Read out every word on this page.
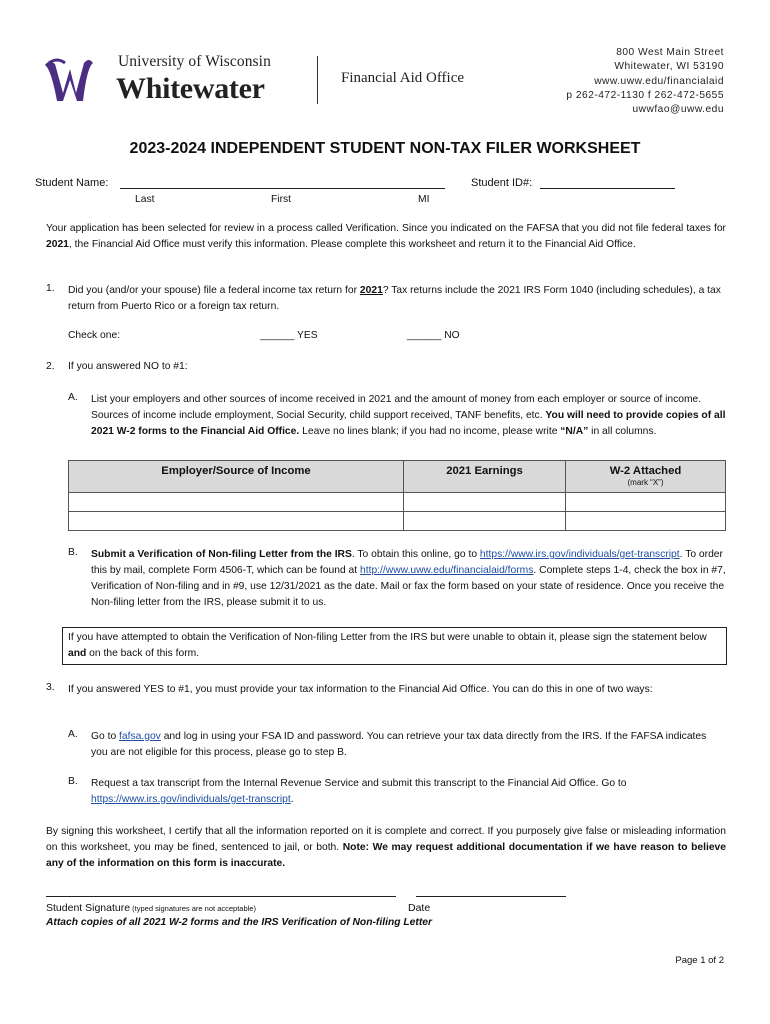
University of Wisconsin
Whitewater	Financial Aid Office
800 West Main Street
Whitewater, WI 53190
www.uww.edu/financialaid
p 262-472-1130 f 262-472-5655
uwwfao@uww.edu
2023-2024 INDEPENDENT STUDENT NON-TAX FILER WORKSHEET
Student Name:	Student ID#:
Last	First	MI
Your application has been selected for review in a process called Verification. Since you indicated on the FAFSA that you did not file federal taxes for 2021, the Financial Aid Office must verify this information. Please complete this worksheet and return it to the Financial Aid Office.
1. Did you (and/or your spouse) file a federal income tax return for 2021? Tax returns include the 2021 IRS Form 1040 (including schedules), a tax return from Puerto Rico or a foreign tax return.
Check one:	______ YES	______ NO
2. If you answered NO to #1:
A. List your employers and other sources of income received in 2021 and the amount of money from each employer or source of income. Sources of income include employment, Social Security, child support received, TANF benefits, etc. You will need to provide copies of all 2021 W-2 forms to the Financial Aid Office. Leave no lines blank; if you had no income, please write “N/A” in all columns.
Employer/Source of Income	2021 Earnings	W-2 Attached
(mark “X”)

B. Submit a Verification of Non-filing Letter from the IRS. To obtain this online, go to https://www.irs.gov/individuals/get-transcript. To order this by mail, complete Form 4506-T, which can be found at http://www.uww.edu/financialaid/forms. Complete steps 1-4, check the box in #7, Verification of Non-filing and in #9, use 12/31/2021 as the date. Mail or fax the form based on your state of residence. Once you receive the Non-filing letter from the IRS, please submit it to us.
If you have attempted to obtain the Verification of Non-filing Letter from the IRS but were unable to obtain it, please sign the statement below and on the back of this form.
3. If you answered YES to #1, you must provide your tax information to the Financial Aid Office. You can do this in one of two ways:
A. Go to fafsa.gov and log in using your FSA ID and password. You can retrieve your tax data directly from the IRS. If the FAFSA indicates you are not eligible for this process, please go to step B.
B. Request a tax transcript from the Internal Revenue Service and submit this transcript to the Financial Aid Office. Go to https://www.irs.gov/individuals/get-transcript.
By signing this worksheet, I certify that all the information reported on it is complete and correct. If you purposely give false or misleading information on this worksheet, you may be fined, sentenced to jail, or both. Note: We may request additional documentation if we have reason to believe any of the information on this form is inaccurate.
Student Signature (typed signatures are not acceptable)	Date
Attach copies of all 2021 W-2 forms and the IRS Verification of Non-filing Letter
Page 1 of 2
